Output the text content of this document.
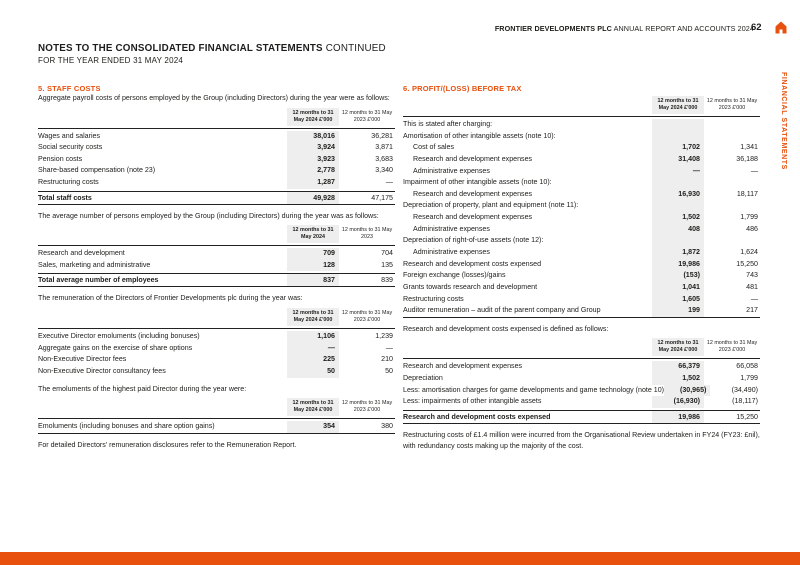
FRONTIER DEVELOPMENTS PLC ANNUAL REPORT AND ACCOUNTS 2024
62
FINANCIAL STATEMENTS
NOTES TO THE CONSOLIDATED FINANCIAL STATEMENTS CONTINUED
FOR THE YEAR ENDED 31 MAY 2024
5. STAFF COSTS
Aggregate payroll costs of persons employed by the Group (including Directors) during the year were as follows:
12 months to 31 May 2024 £'000
12 months to 31 May 2023 £'000
Wages and salaries	38,016	36,281
Social security costs	3,924	3,871
Pension costs	3,923	3,683
Share-based compensation (note 23)	2,778	3,340
Restructuring costs	1,287	—
Total staff costs	49,928	47,175
The average number of persons employed by the Group (including Directors) during the year was as follows:
12 months to 31 May 2024
12 months to 31 May 2023
Research and development	709	704
Sales, marketing and administrative	128	135
Total average number of employees	837	839
The remuneration of the Directors of Frontier Developments plc during the year was:
12 months to 31 May 2024 £'000
12 months to 31 May 2023 £'000
Executive Director emoluments (including bonuses)	1,106	1,239
Aggregate gains on the exercise of share options	—	—
Non-Executive Director fees	225	210
Non-Executive Director consultancy fees	50	50
The emoluments of the highest paid Director during the year were:
12 months to 31 May 2024 £'000
12 months to 31 May 2023 £'000
Emoluments (including bonuses and share option gains)	354	380
For detailed Directors' remuneration disclosures refer to the Remuneration Report.
6. PROFIT/(LOSS) BEFORE TAX
12 months to 31 May 2024 £'000
12 months to 31 May 2023 £'000
This is stated after charging:
Amortisation of other intangible assets (note 10):
Cost of sales	1,702	1,341
Research and development expenses	31,408	36,188
Administrative expenses	—	—
Impairment of other intangible assets (note 10):
Research and development expenses	16,930	18,117
Depreciation of property, plant and equipment (note 11):
Research and development expenses	1,502	1,799
Administrative expenses	408	486
Depreciation of right-of-use assets (note 12):
Administrative expenses	1,872	1,624
Research and development costs expensed	19,986	15,250
Foreign exchange (losses)/gains	(153)	743
Grants towards research and development	1,041	481
Restructuring costs	1,605	—
Auditor remuneration – audit of the parent company and Group	199	217
Research and development costs expensed is defined as follows:
12 months to 31 May 2024 £'000
12 months to 31 May 2023 £'000
Research and development expenses	66,379	66,058
Depreciation	1,502	1,799
Less: amortisation charges for game developments and game technology (note 10)	(30,965)	(34,490)
Less: impairments of other intangible assets	(16,930)	(18,117)
Research and development costs expensed	19,986	15,250
Restructuring costs of £1.4 million were incurred from the Organisational Review undertaken in FY24 (FY23: £nil), with redundancy costs making up the majority of the cost.
